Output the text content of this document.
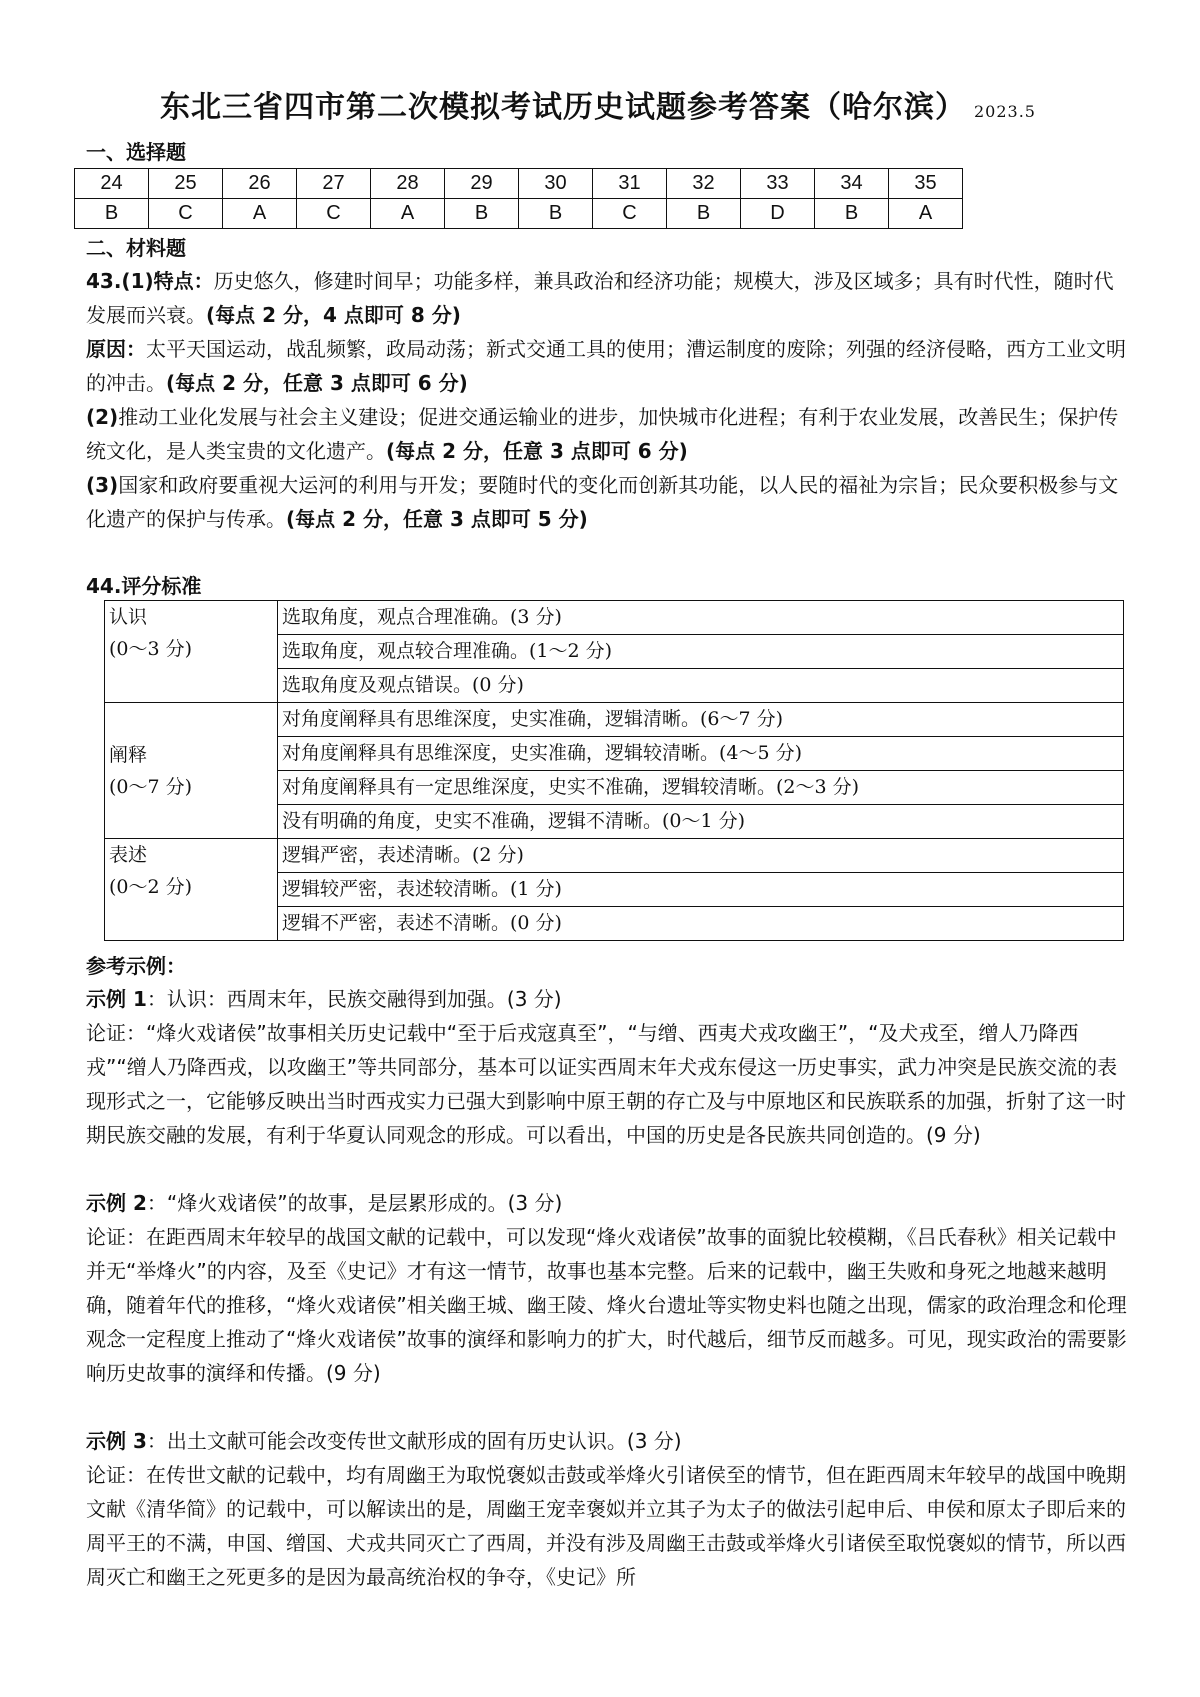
东北三省四市第二次模拟考试历史试题参考答案（哈尔滨） 2023.5
一、选择题
24	25	26	27	28	29	30	31	32	33	34	35
B	C	A	C	A	B	B	C	B	D	B	A
二、材料题

43.(1)特点：历史悠久，修建时间早；功能多样，兼具政治和经济功能；规模大，涉及区域多；具有时代性，随时代发展而兴衰。(每点 2 分，4 点即可 8 分)

原因：太平天国运动，战乱频繁，政局动荡；新式交通工具的使用；漕运制度的废除；列强的经济侵略，西方工业文明的冲击。(每点 2 分，任意 3 点即可 6 分)

(2)推动工业化发展与社会主义建设；促进交通运输业的进步，加快城市化进程；有利于农业发展，改善民生；保护传统文化，是人类宝贵的文化遗产。(每点 2 分，任意 3 点即可 6 分)

(3)国家和政府要重视大运河的利用与开发；要随时代的变化而创新其功能，以人民的福祉为宗旨；民众要积极参与文化遗产的保护与传承。(每点 2 分，任意 3 点即可 5 分)

44.评分标准
认识
(0～3 分)	选取角度，观点合理准确。(3 分)
	选取角度，观点较合理准确。(1～2 分)
	选取角度及观点错误。(0 分)
阐释
(0～7 分)	对角度阐释具有思维深度，史实准确，逻辑清晰。(6～7 分)
	对角度阐释具有思维深度，史实准确，逻辑较清晰。(4～5 分)
	对角度阐释具有一定思维深度，史实不准确，逻辑较清晰。(2～3 分)
	没有明确的角度，史实不准确，逻辑不清晰。(0～1 分)
表述
(0～2 分)	逻辑严密，表述清晰。(2 分)
	逻辑较严密，表述较清晰。(1 分)
	逻辑不严密，表述不清晰。(0 分)
参考示例：

示例 1：认识：西周末年，民族交融得到加强。(3 分)

论证：“烽火戏诸侯”故事相关历史记载中“至于后戎寇真至”，“与缯、西夷犬戎攻幽王”，“及犬戎至，缯人乃降西戎”“缯人乃降西戎，以攻幽王”等共同部分，基本可以证实西周末年犬戎东侵这一历史事实，武力冲突是民族交流的表现形式之一，它能够反映出当时西戎实力已强大到影响中原王朝的存亡及与中原地区和民族联系的加强，折射了这一时期民族交融的发展，有利于华夏认同观念的形成。可以看出，中国的历史是各民族共同创造的。(9 分)

示例 2：“烽火戏诸侯”的故事，是层累形成的。(3 分)

论证：在距西周末年较早的战国文献的记载中，可以发现“烽火戏诸侯”故事的面貌比较模糊，《吕氏春秋》相关记载中并无“举烽火”的内容，及至《史记》才有这一情节，故事也基本完整。后来的记载中，幽王失败和身死之地越来越明确，随着年代的推移，“烽火戏诸侯”相关幽王城、幽王陵、烽火台遗址等实物史料也随之出现，儒家的政治理念和伦理观念一定程度上推动了“烽火戏诸侯”故事的演绎和影响力的扩大，时代越后，细节反而越多。可见，现实政治的需要影响历史故事的演绎和传播。(9 分)

示例 3：出土文献可能会改变传世文献形成的固有历史认识。(3 分)

论证：在传世文献的记载中，均有周幽王为取悦褒姒击鼓或举烽火引诸侯至的情节，但在距西周末年较早的战国中晚期文献《清华简》的记载中，可以解读出的是，周幽王宠幸褒姒并立其子为太子的做法引起申后、申侯和原太子即后来的周平王的不满，申国、缯国、犬戎共同灭亡了西周，并没有涉及周幽王击鼓或举烽火引诸侯至取悦褒姒的情节，所以西周灭亡和幽王之死更多的是因为最高统治权的争夺，《史记》所
